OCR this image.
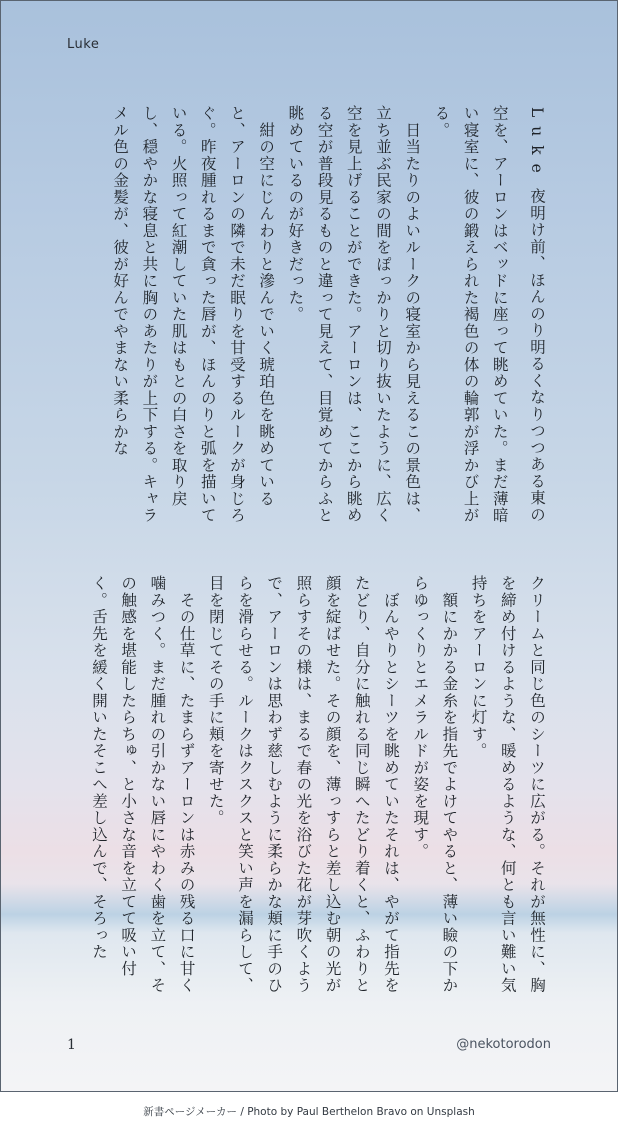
Luke
Luke 夜明け前、ほんのり明るくなりつつある東の空を、アーロンはベッドに座って眺めていた。まだ薄暗い寝室に、彼の鍛えられた褐色の体の輪郭が浮かび上がる。
　日当たりのよいルークの寝室から見えるこの景色は、立ち並ぶ民家の間をぽっかりと切り抜いたように、広く空を見上げることができた。アーロンは、ここから眺める空が普段見るものと違って見えて、目覚めてからふと眺めているのが好きだった。
　紺の空にじんわりと滲んでいく琥珀色を眺めていると、アーロンの隣で未だ眠りを甘受するルークが身じろぐ。昨夜腫れるまで貪った唇が、ほんのりと弧を描いている。火照って紅潮していた肌はもとの白さを取り戻し、穏やかな寝息と共に胸のあたりが上下する。キャラメル色の金髪が、彼が好んでやまない柔らかな
クリームと同じ色のシーツに広がる。それが無性に、胸を締め付けるような、暖めるような、何とも言い難い気持ちをアーロンに灯す。
　額にかかる金糸を指先でよけてやると、薄い瞼の下からゆっくりとエメラルドが姿を現す。
　ぼんやりとシーツを眺めていたそれは、やがて指先をたどり、自分に触れる同じ瞬へたどり着くと、ふわりと顔を綻ばせた。その顔を、薄っすらと差し込む朝の光が照らすその様は、まるで春の光を浴びた花が芽吹くようで、アーロンは思わず慈しむように柔らかな頬に手のひらを滑らせる。ルークはクスクスと笑い声を漏らして、目を閉じてその手に頬を寄せた。
　その仕草に、たまらずアーロンは赤みの残る口に甘く噛みつく。まだ腫れの引かない唇にやわく歯を立て、その触感を堪能したらちゅ、と小さな音を立てて吸い付く。舌先を緩く開いたそこへ差し込んで、そろった
1	@nekotorodon
新書ページメーカー / Photo by Paul Berthelon Bravo on Unsplash
